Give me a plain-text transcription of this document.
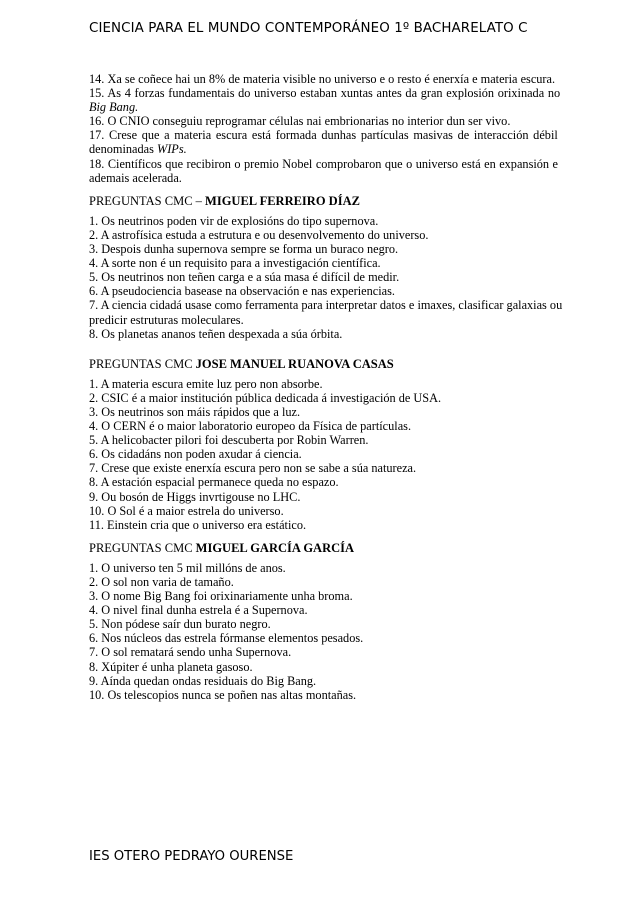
CIENCIA PARA EL MUNDO CONTEMPORÁNEO 1º BACHARELATO C
14. Xa se coñece hai un 8% de materia visible no universo e o resto é enerxía e materia escura.
15. As 4 forzas fundamentais do universo estaban xuntas antes da gran explosión orixinada no
Big Bang.
16. O CNIO conseguiu reprogramar células nai embrionarias no interior dun ser vivo.
17. Crese que a materia escura está formada dunhas partículas masivas de interacción débil
denominadas WIPs.
18. Científicos que recibiron o premio Nobel comprobaron que o universo está en expansión e
ademais acelerada.
PREGUNTAS CMC – MIGUEL FERREIRO DÍAZ
1. Os neutrinos poden vir de explosións do tipo supernova.
2. A astrofísica estuda a estrutura e ou desenvolvemento do universo.
3. Despois dunha supernova sempre se forma un buraco negro.
4. A sorte non é un requisito para a investigación científica.
5. Os neutrinos non teñen carga e a súa masa é difícil de medir.
6. A pseudociencia basease na observación e nas experiencias.
7. A ciencia cidadá usase como ferramenta para interpretar datos e imaxes, clasificar galaxias ou
predicir estruturas moleculares.
8. Os planetas ananos teñen despexada a súa órbita.
PREGUNTAS CMC JOSE MANUEL RUANOVA CASAS
1. A materia escura emite luz pero non absorbe.
2. CSIC é a maior institución pública dedicada á investigación de USA.
3. Os neutrinos son máis rápidos que a luz.
4. O CERN é o maior laboratorio europeo da Física de partículas.
5. A helicobacter pilori foi descuberta por Robin Warren.
6. Os cidadáns non poden axudar á ciencia.
7. Crese que existe enerxía escura pero non se sabe a súa natureza.
8. A estación espacial permanece queda no espazo.
9. Ou bosón de Higgs invrtigouse no LHC.
10. O Sol é a maior estrela do universo.
11. Einstein cria que o universo era estático.
PREGUNTAS CMC MIGUEL GARCÍA GARCÍA
1. O universo ten 5 mil millóns de anos.
2. O sol non varia de tamaño.
3. O nome Big Bang foi orixinariamente unha broma.
4. O nivel final dunha estrela é a Supernova.
5. Non pódese saír dun burato negro.
6. Nos núcleos das estrela fórmanse elementos pesados.
7. O sol rematará sendo unha Supernova.
8. Xúpiter é unha planeta gasoso.
9. Aínda quedan ondas residuais do Big Bang.
10. Os telescopios nunca se poñen nas altas montañas.
IES OTERO PEDRAYO OURENSE
